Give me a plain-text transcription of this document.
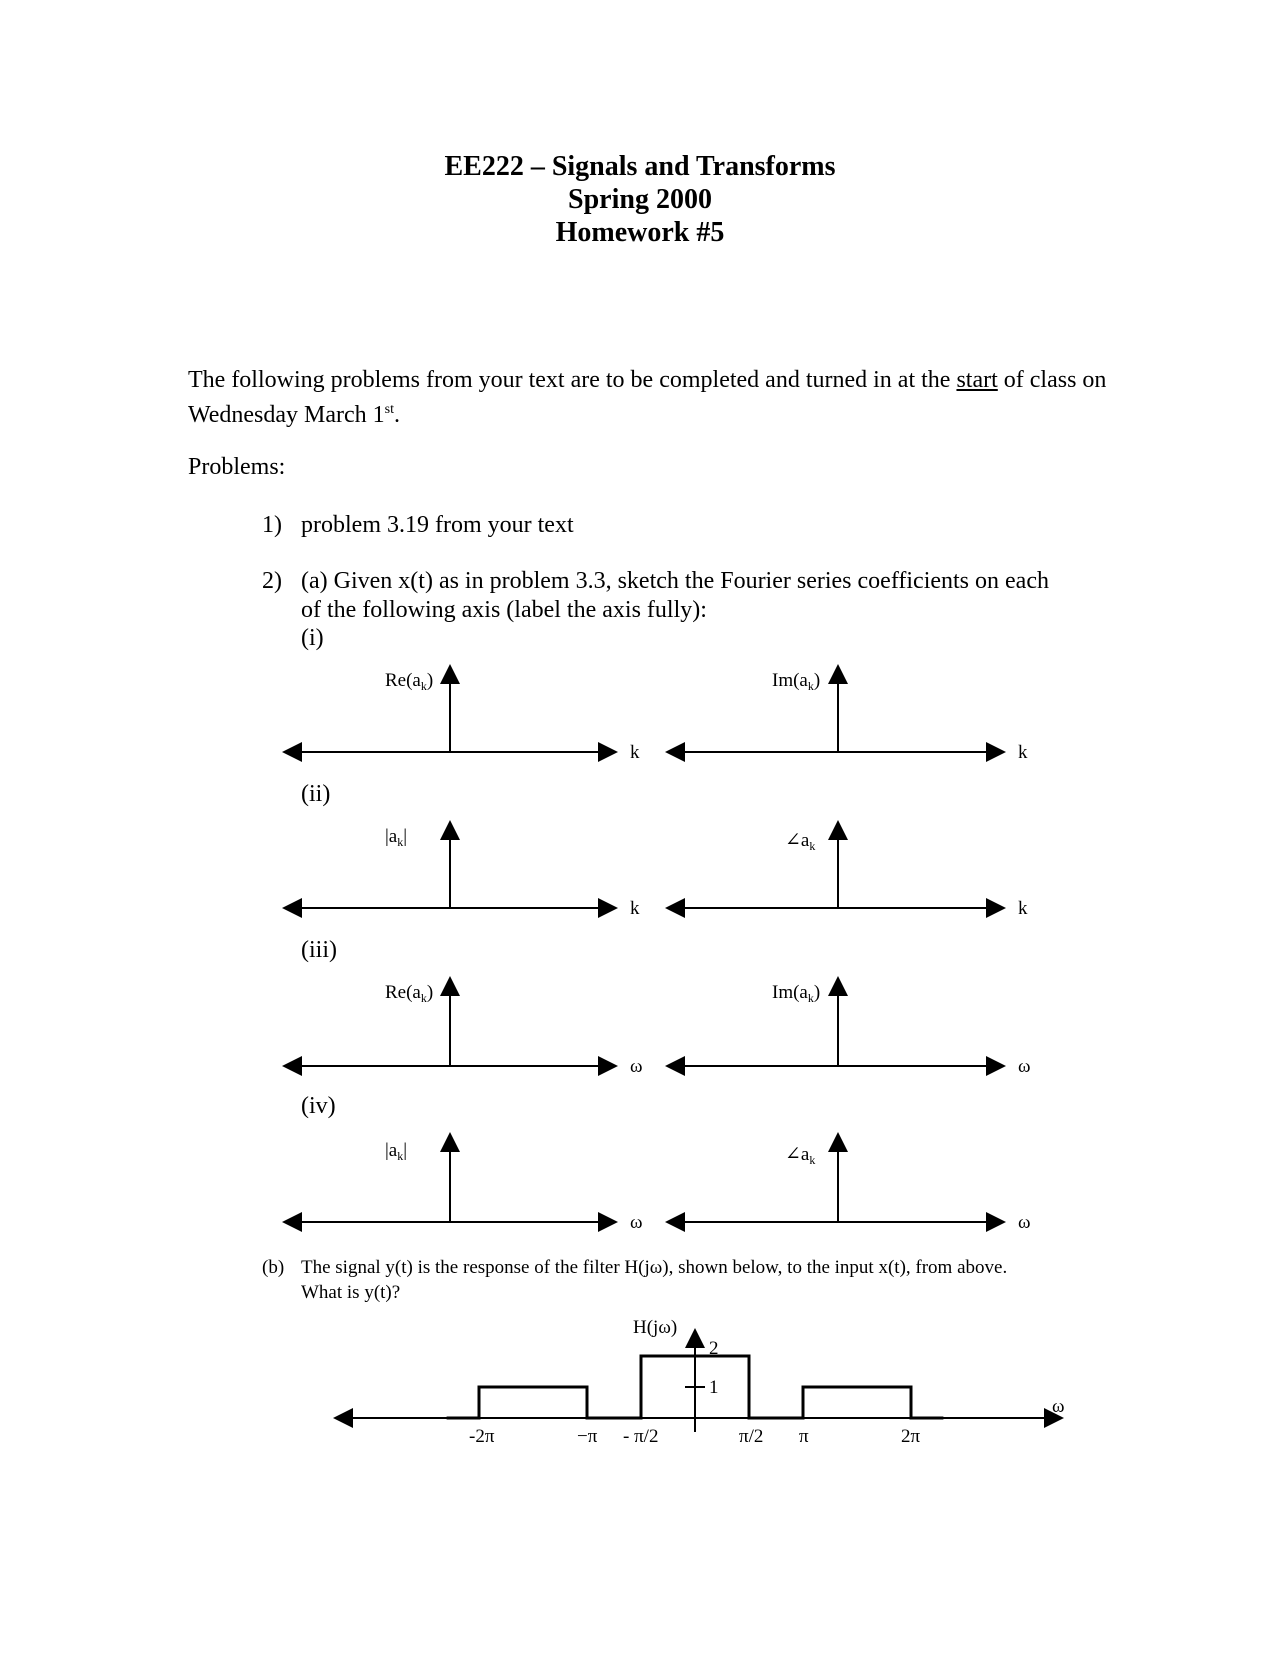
EE222 – Signals and Transforms
Spring 2000
Homework #5
The following problems from your text are to be completed and turned in at the start of class on Wednesday March 1st.
Problems:
1) problem 3.19 from your text
2) (a) Given x(t) as in problem 3.3, sketch the Fourier series coefficients on each
of the following axis (label the axis fully):
(i)
(ii)
(iii)
(iv)
$Re(a_k)$
k
$Im(a_k)$
k
$|a_k|$
k
$\angle a_k$
k
$Re(a_k)$
ω
$Im(a_k)$
ω
$|a_k|$
ω
$\angle a_k$
ω
(b) The signal y(t) is the response of the filter H(jω), shown below, to the input x(t), from above.
What is y(t)?
-2π	−π - π/2	π/2 π	2π
1
2
H(jω)
ω
